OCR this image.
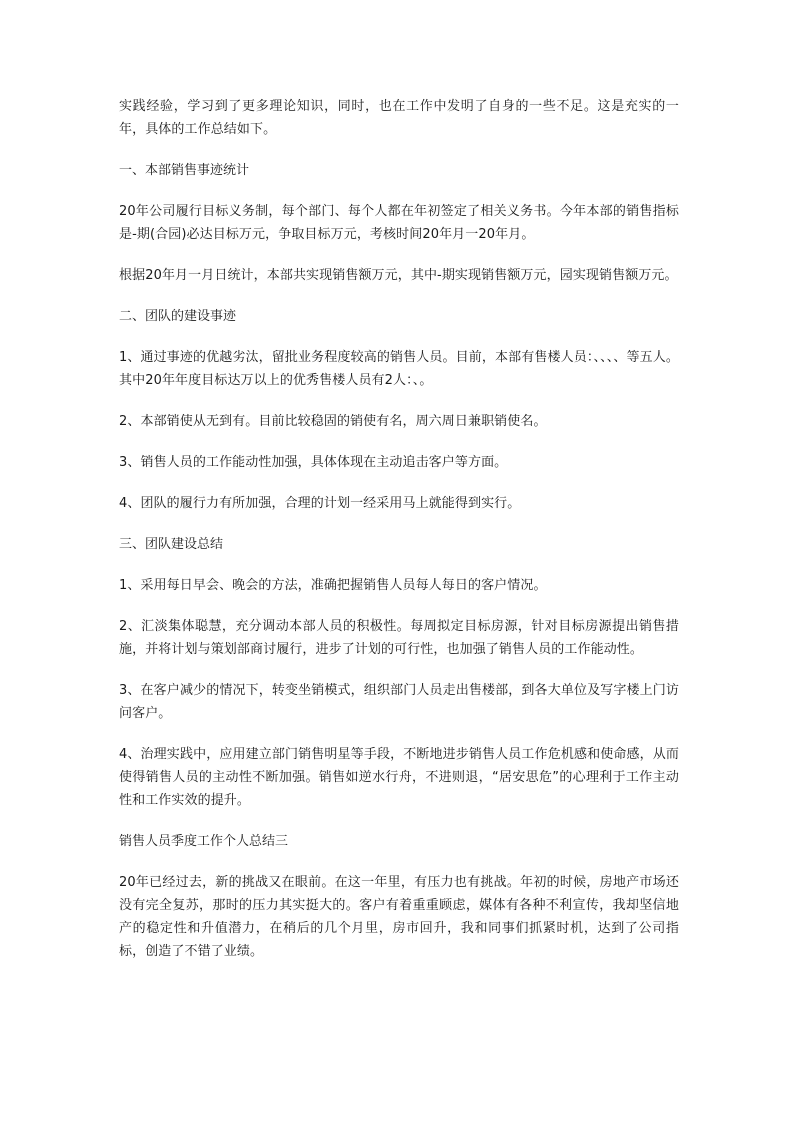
实践经验，学习到了更多理论知识，同时，也在工作中发明了自身的一些不足。这是充实的一年，具体的工作总结如下。

一、本部销售事迹统计

20年公司履行目标义务制，每个部门、每个人都在年初签定了相关义务书。今年本部的销售指标是-期(合园)必达目标万元，争取目标万元，考核时间20年月一20年月。

根据20年月一月日统计，本部共实现销售额万元，其中-期实现销售额万元，园实现销售额万元。

二、团队的建设事迹

1、通过事迹的优越劣汰，留批业务程度较高的销售人员。目前，本部有售楼人员：、、、、等五人。其中20年年度目标达万以上的优秀售楼人员有2人：、。

2、本部销使从无到有。目前比较稳固的销使有名，周六周日兼职销使名。

3、销售人员的工作能动性加强，具体体现在主动追击客户等方面。

4、团队的履行力有所加强，合理的计划一经采用马上就能得到实行。

三、团队建设总结

1、采用每日早会、晚会的方法，准确把握销售人员每人每日的客户情况。

2、汇淡集体聪慧，充分调动本部人员的积极性。每周拟定目标房源，针对目标房源提出销售措施，并将计划与策划部商讨履行，进步了计划的可行性，也加强了销售人员的工作能动性。

3、在客户减少的情况下，转变坐销模式，组织部门人员走出售楼部，到各大单位及写字楼上门访问客户。

4、治理实践中，应用建立部门销售明星等手段，不断地进步销售人员工作危机感和使命感，从而使得销售人员的主动性不断加强。销售如逆水行舟，不进则退，“居安思危”的心理利于工作主动性和工作实效的提升。

销售人员季度工作个人总结三

20年已经过去，新的挑战又在眼前。在这一年里，有压力也有挑战。年初的时候，房地产市场还没有完全复苏，那时的压力其实挺大的。客户有着重重顾虑，媒体有各种不利宣传，我却坚信地产的稳定性和升值潜力，在稍后的几个月里，房市回升，我和同事们抓紧时机，达到了公司指标，创造了不错了业绩。
